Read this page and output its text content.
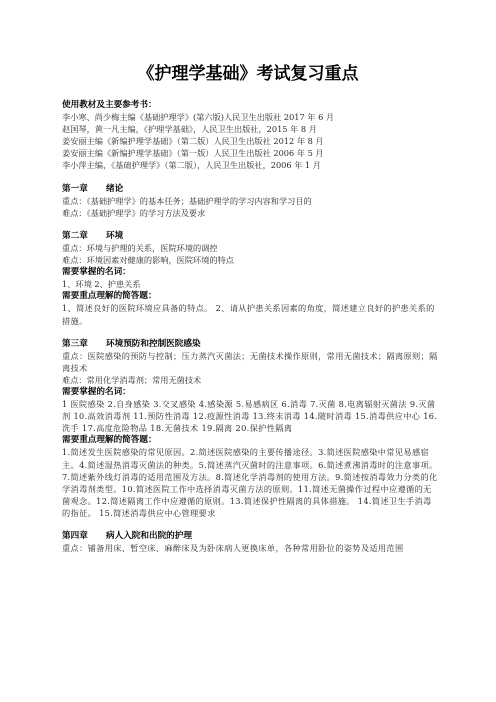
《护理学基础》考试复习重点
使用教材及主要参考书：
李小寒、尚少梅主编《基础护理学》(第六版)人民卫生出版社 2017 年 6 月
赵国琴，黄一凡主编，《护理学基础》，人民卫生出版社，2015 年 8 月
姜安丽主编《新编护理学基础》（第二版）人民卫生出版社 2012 年 8 月
姜安丽主编《新编护理学基础》（第一版）人民卫生出版社 2006 年 5 月
李小萍主编，《基础护理学》（第二版），人民卫生出版社，2006 年 1 月
第一章 绪论
重点：《基础护理学》的基本任务；基础护理学的学习内容和学习目的
难点：《基础护理学》的学习方法及要求
第二章 环境
重点：环境与护理的关系，医院环境的调控
难点：环境因素对健康的影响，医院环境的特点
需要掌握的名词：
1、环境 2、护患关系
需要重点理解的简答题：
1、简述良好的医院环境应具备的特点。 2、请从护患关系因素的角度，简述建立良好的护患关系的措施。
第三章 环境预防和控制医院感染
重点：医院感染的预防与控制；压力蒸汽灭菌法；无菌技术操作原则，常用无菌技术；隔离原则；隔离技术
难点：常用化学消毒剂；常用无菌技术
需要掌握的名词：
1 医院感染 2.自身感染 3.交叉感染 4.感染源 5.易感病区 6.消毒 7.灭菌 8.电离辐射灭菌法 9.灭菌剂 10.高效消毒剂 11.预防性消毒 12.疫源性消毒 13.终末消毒 14.随时消毒 15.消毒供应中心 16.洗手 17.高度危险物品 18.无菌技术 19.隔离 20.保护性隔离
需要重点理解的简答题：
1.简述发生医院感染的常见原因。2.简述医院感染的主要传播途径。3.简述医院感染中常见易感宿主。4.简述湿热消毒灭菌法的种类。5.简述蒸汽灭菌时的注意事项。6.简述煮沸消毒时的注意事项。7.简述紫外线灯消毒的适用范围及方法。8.简述化学消毒剂的使用方法。9.简述按消毒效力分类的化学消毒剂类型。10.简述医院工作中选择消毒灭菌方法的原则。11.简述无菌操作过程中应遵循的无菌观念。12.简述隔离工作中应遵循的原则。13.简述保护性隔离的具体措施。 14.简述卫生手消毒的指征。 15.简述消毒供应中心管理要求
第四章 病人入院和出院的护理
重点：铺备用床、暂空床、麻醉床及为卧床病人更换床单，各种常用卧位的姿势及适用范围
